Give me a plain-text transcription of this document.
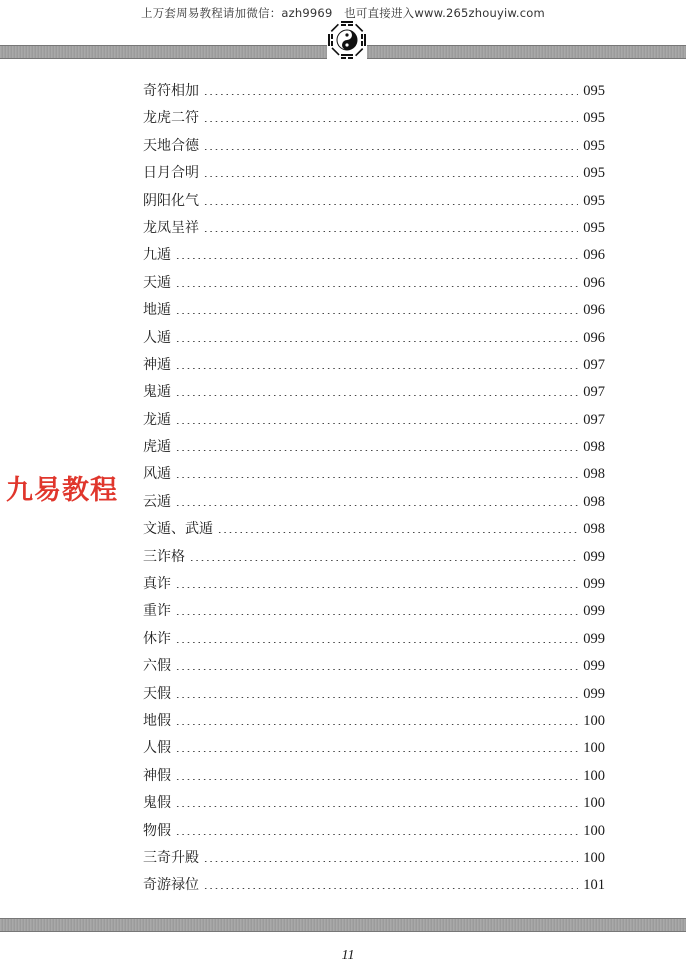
上万套周易教程请加微信：azh9969　也可直接进入www.265zhouyiw.com
九易教程
奇符相加	095
龙虎二符	095
天地合德	095
日月合明	095
阴阳化气	095
龙凤呈祥	095
九遁	096
天遁	096
地遁	096
人遁	096
神遁	097
鬼遁	097
龙遁	097
虎遁	098
风遁	098
云遁	098
文遁、武遁	098
三诈格	099
真诈	099
重诈	099
休诈	099
六假	099
天假	099
地假	100
人假	100
神假	100
鬼假	100
物假	100
三奇升殿	100
奇游禄位	101
11
